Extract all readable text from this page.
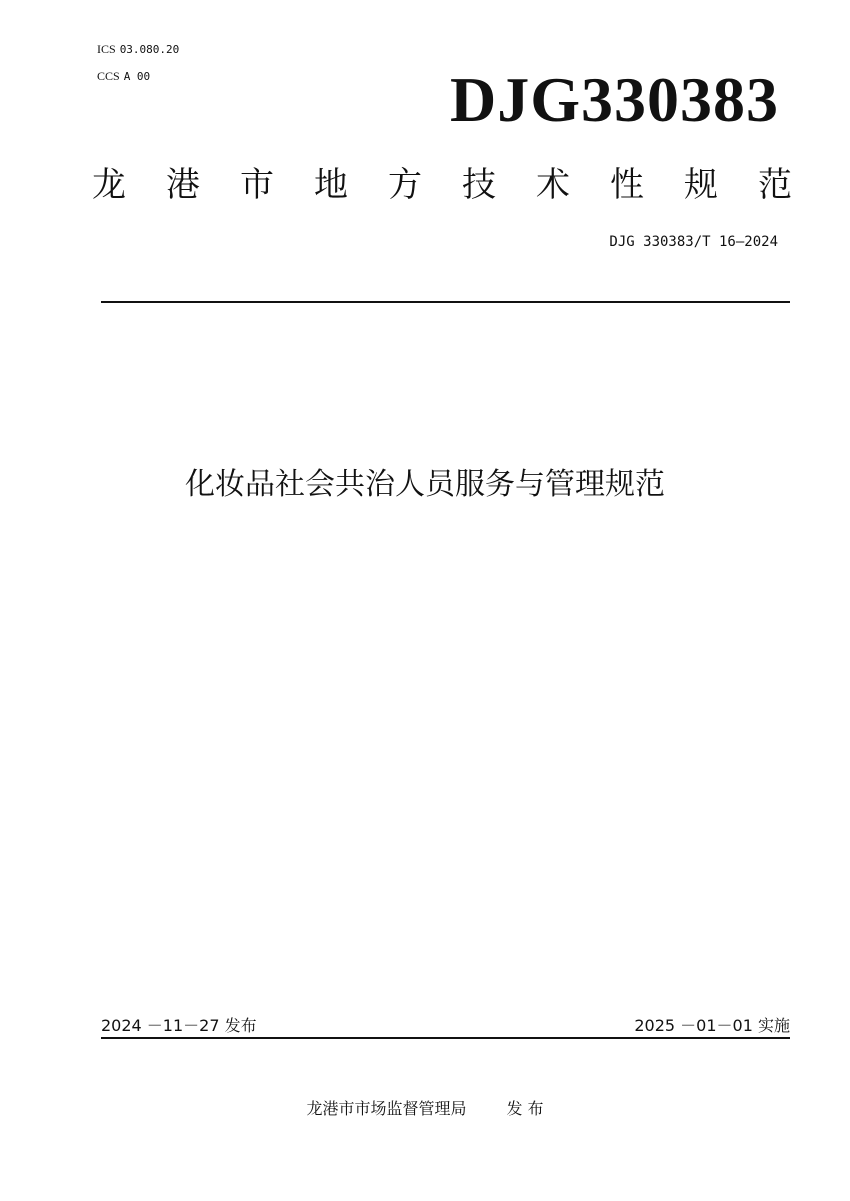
ICS 03.080.20
CCS A 00	DJG330383
龙 港 市 地 方 技 术 性 规 范
DJG 330383/T 16—2024
化妆品社会共治人员服务与管理规范
2024 －11－27 发布	2025 －01－01 实施
龙港市市场监督管理局	发 布
